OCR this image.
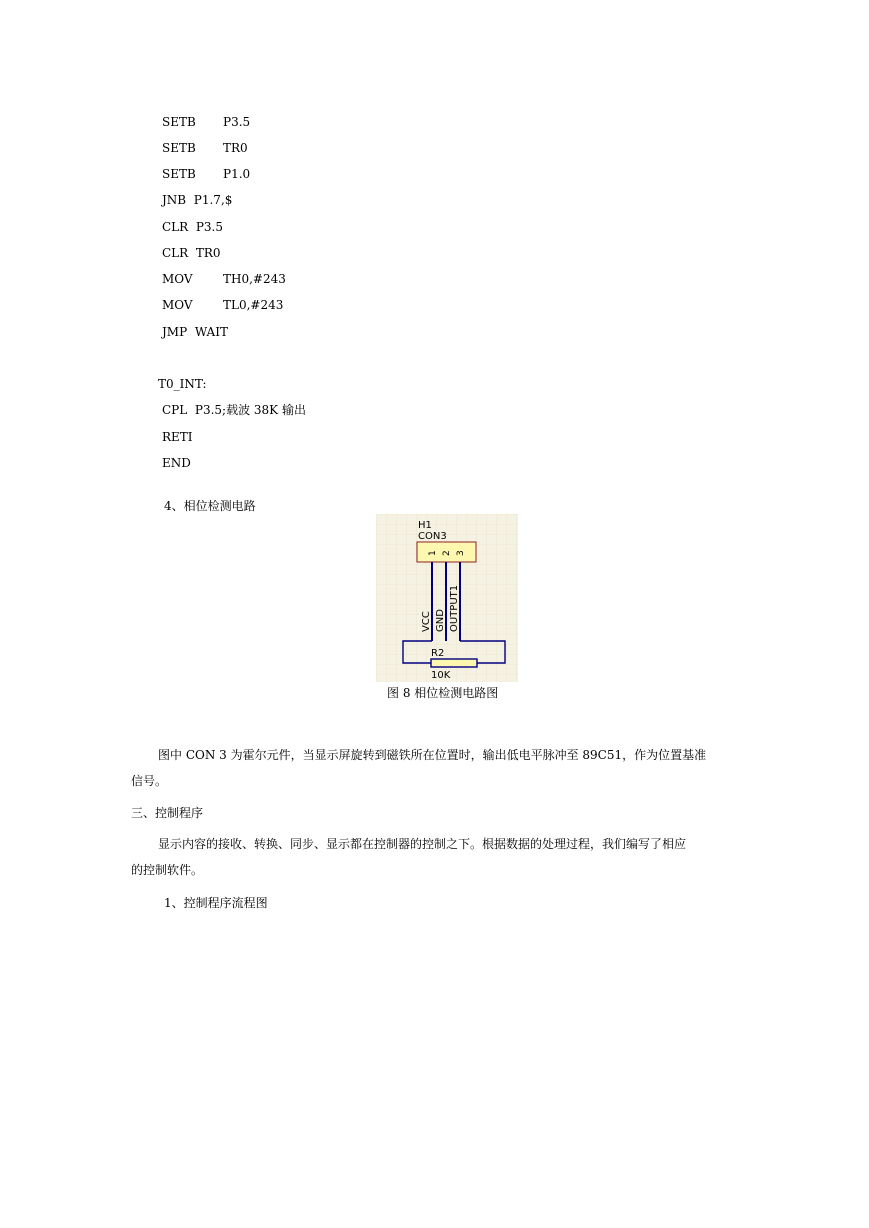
SETB P3.5
SETB TR0
SETB P1.0
JNB P1.7,$
CLR P3.5
CLR TR0
MOV	TH0,#243
MOV	TL0,#243
JMP WAIT
T0_INT:
CPL P3.5;载波 38K 输出
RETI
END
4、相位检测电路
H1
CON3
1 2 3
VCC GND OUTPUT1
R2
10K
图 8 相位检测电路图
图中 CON 3 为霍尔元件，当显示屏旋转到磁铁所在位置时，输出低电平脉冲至 89C51，作为位置基准
信号。
三、控制程序
显示内容的接收、转换、同步、显示都在控制器的控制之下。根据数据的处理过程，我们编写了相应
的控制软件。
1、控制程序流程图
